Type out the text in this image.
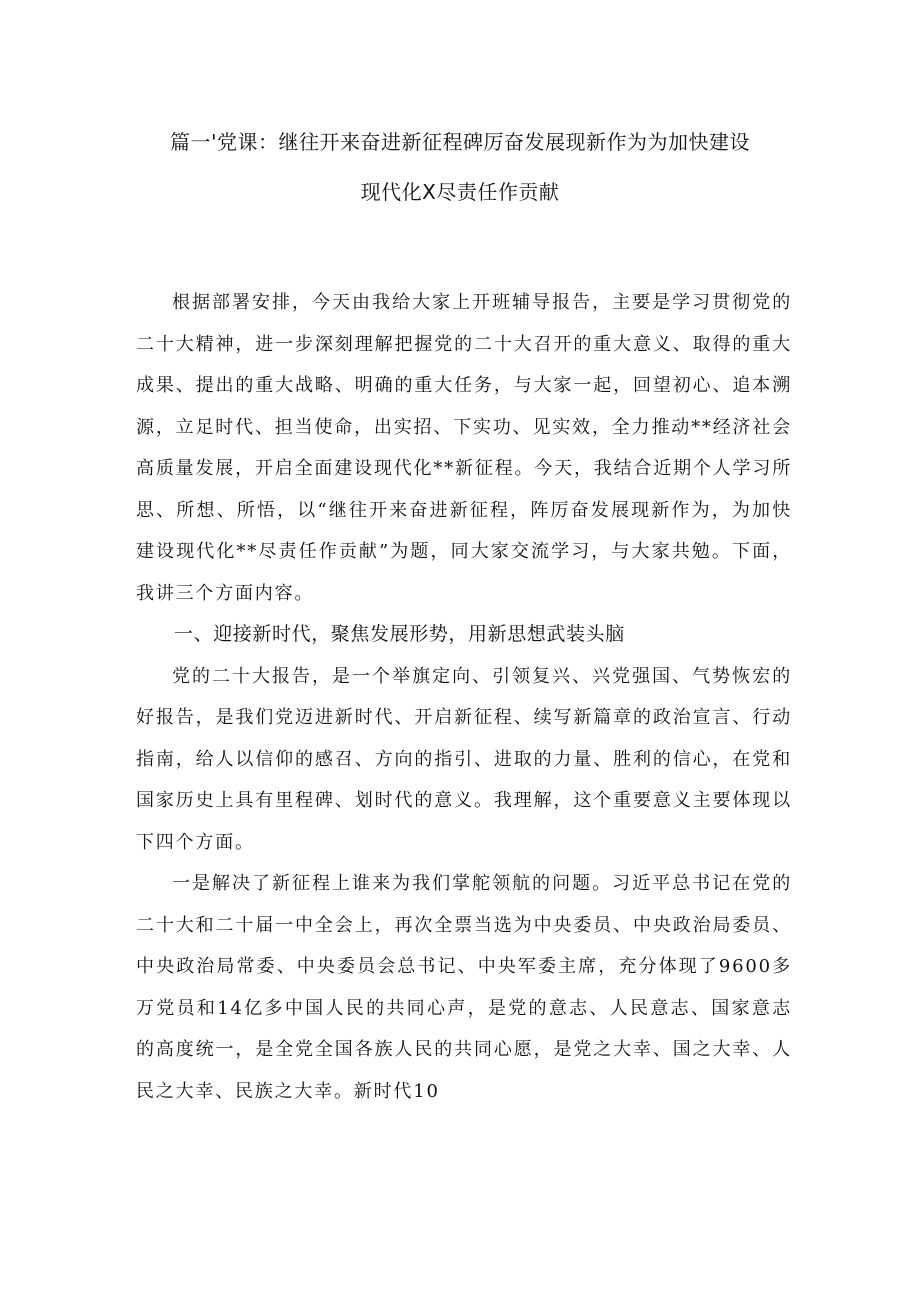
篇一'党课：继往开来奋进新征程碑厉奋发展现新作为为加快建设
现代化X尽责任作贡献

根据部署安排，今天由我给大家上开班辅导报告，主要是学习贯彻党的二十大精神，进一步深刻理解把握党的二十大召开的重大意义、取得的重大成果、提出的重大战略、明确的重大任务，与大家一起，回望初心、追本溯源，立足时代、担当使命，出实招、下实功、见实效，全力推动**经济社会高质量发展，开启全面建设现代化**新征程。今天，我结合近期个人学习所思、所想、所悟，以“继往开来奋进新征程，阵厉奋发展现新作为，为加快建设现代化**尽责任作贡献”为题，同大家交流学习，与大家共勉。下面，我讲三个方面内容。

一、迎接新时代，聚焦发展形势，用新思想武装头脑

党的二十大报告，是一个举旗定向、引领复兴、兴党强国、气势恢宏的好报告，是我们党迈进新时代、开启新征程、续写新篇章的政治宣言、行动指南，给人以信仰的感召、方向的指引、进取的力量、胜利的信心，在党和国家历史上具有里程碑、划时代的意义。我理解，这个重要意义主要体现以下四个方面。

一是解决了新征程上谁来为我们掌舵领航的问题。习近平总书记在党的二十大和二十届一中全会上，再次全票当选为中央委员、中央政治局委员、中央政治局常委、中央委员会总书记、中央军委主席，充分体现了9600多万党员和14亿多中国人民的共同心声，是党的意志、人民意志、国家意志的高度统一，是全党全国各族人民的共同心愿，是党之大幸、国之大幸、人民之大幸、民族之大幸。新时代10
